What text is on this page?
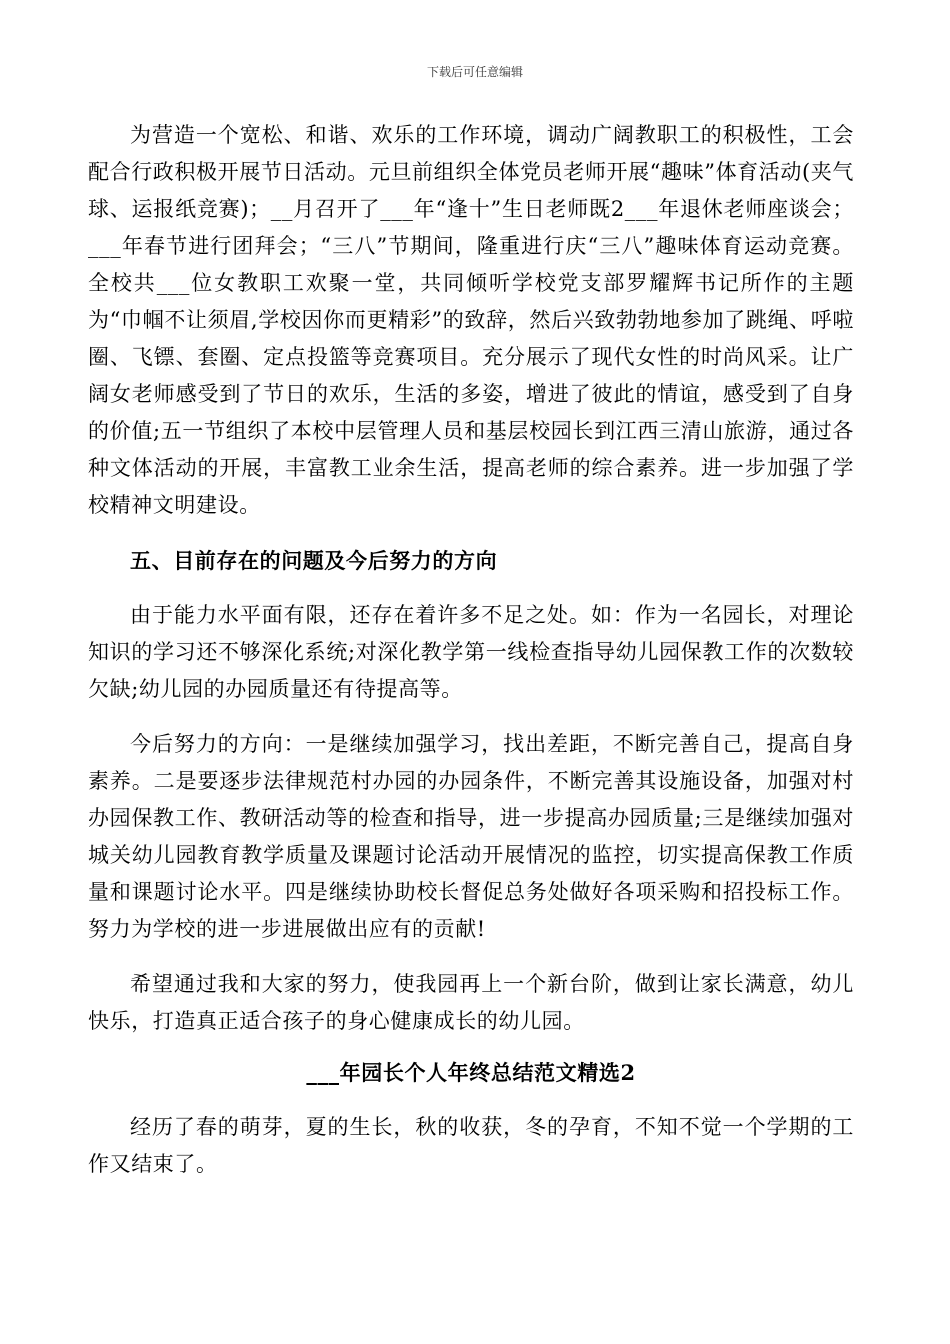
下载后可任意编辑

为营造一个宽松、和谐、欢乐的工作环境，调动广阔教职工的积极性，工会配合行政积极开展节日活动。元旦前组织全体党员老师开展“趣味”体育活动(夹气球、运报纸竞赛)；__月召开了___年“逢十”生日老师既2___年退休老师座谈会；___年春节进行团拜会；“三八”节期间，隆重进行庆“三八”趣味体育运动竞赛。全校共___位女教职工欢聚一堂，共同倾听学校党支部罗耀辉书记所作的主题为“巾帼不让须眉,学校因你而更精彩”的致辞，然后兴致勃勃地参加了跳绳、呼啦圈、飞镖、套圈、定点投篮等竞赛项目。充分展示了现代女性的时尚风采。让广阔女老师感受到了节日的欢乐，生活的多姿，增进了彼此的情谊，感受到了自身的价值;五一节组织了本校中层管理人员和基层校园长到江西三清山旅游，通过各种文体活动的开展，丰富教工业余生活，提高老师的综合素养。进一步加强了学校精神文明建设。

五、目前存在的问题及今后努力的方向

由于能力水平面有限，还存在着许多不足之处。如：作为一名园长，对理论知识的学习还不够深化系统;对深化教学第一线检查指导幼儿园保教工作的次数较欠缺;幼儿园的办园质量还有待提高等。

今后努力的方向：一是继续加强学习，找出差距，不断完善自己，提高自身素养。二是要逐步法律规范村办园的办园条件，不断完善其设施设备，加强对村办园保教工作、教研活动等的检查和指导，进一步提高办园质量;三是继续加强对城关幼儿园教育教学质量及课题讨论活动开展情况的监控，切实提高保教工作质量和课题讨论水平。四是继续协助校长督促总务处做好各项采购和招投标工作。努力为学校的进一步进展做出应有的贡献!

希望通过我和大家的努力，使我园再上一个新台阶，做到让家长满意，幼儿快乐，打造真正适合孩子的身心健康成长的幼儿园。

___年园长个人年终总结范文精选2

经历了春的萌芽，夏的生长，秋的收获，冬的孕育，不知不觉一个学期的工作又结束了。
